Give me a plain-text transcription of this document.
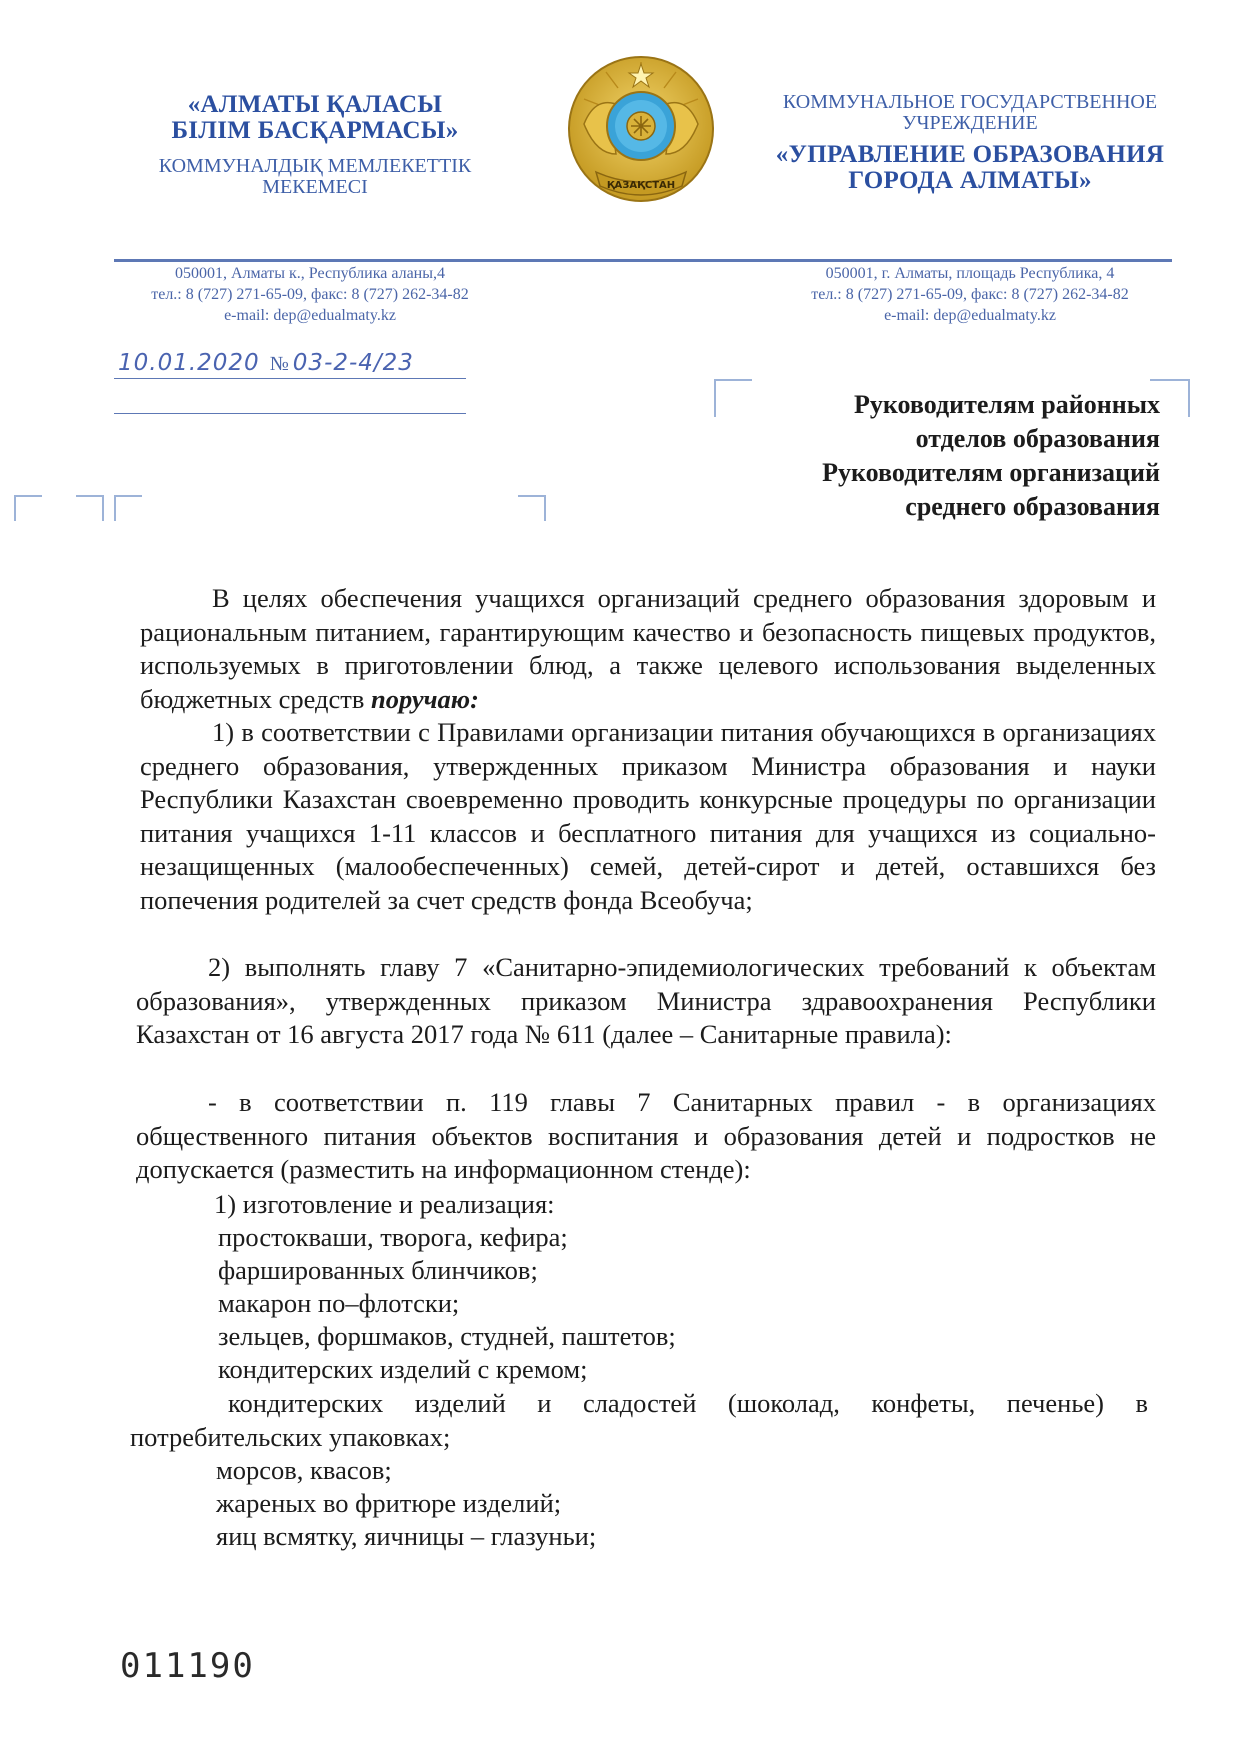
«АЛМАТЫ ҚАЛАСЫ
БІЛІМ БАСҚАРМАСЫ»
КОММУНАЛДЫҚ МЕМЛЕКЕТТІК
МЕКЕМЕСІ	ҚАЗАҚСТАН
КОММУНАЛЬНОЕ ГОСУДАРСТВЕННОЕ
УЧРЕЖДЕНИЕ
«УПРАВЛЕНИЕ ОБРАЗОВАНИЯ
ГОРОДА АЛМАТЫ»
050001, Алматы к., Республика аланы,4
тел.: 8 (727) 271-65-09, факс: 8 (727) 262-34-82
e-mail: dep@edualmaty.kz
050001, г. Алматы, площадь Республика, 4
тел.: 8 (727) 271-65-09, факс: 8 (727) 262-34-82
e-mail: dep@edualmaty.kz
10.01.2020 № 03-2-4/23
Руководителям районных
отделов образования
Руководителям организаций
среднего образования

В целях обеспечения учащихся организаций среднего образования здоровым и рациональным питанием, гарантирующим качество и безопасность пищевых продуктов, используемых в приготовлении блюд, а также целевого использования выделенных бюджетных средств поручаю:

1) в соответствии с Правилами организации питания обучающихся в организациях среднего образования, утвержденных приказом Министра образования и науки Республики Казахстан своевременно проводить конкурсные процедуры по организации питания учащихся 1-11 классов и бесплатного питания для учащихся из социально-незащищенных (малообеспеченных) семей, детей-сирот и детей, оставшихся без попечения родителей за счет средств фонда Всеобуча;

2) выполнять главу 7 «Санитарно-эпидемиологических требований к объектам образования», утвержденных приказом Министра здравоохранения Республики Казахстан от 16 августа 2017 года № 611 (далее – Санитарные правила):

- в соответствии п. 119 главы 7 Санитарных правил - в организациях общественного питания объектов воспитания и образования детей и подростков не допускается (разместить на информационном стенде):

1) изготовление и реализация:
простокваши, творога, кефира;
фаршированных блинчиков;
макарон по–флотски;
зельцев, форшмаков, студней, паштетов;
кондитерских изделий с кремом;
кондитерских изделий и сладостей (шоколад, конфеты, печенье) в
потребительских упаковках;
морсов, квасов;
жареных во фритюре изделий;
яиц всмятку, яичницы – глазуньи;
011190
